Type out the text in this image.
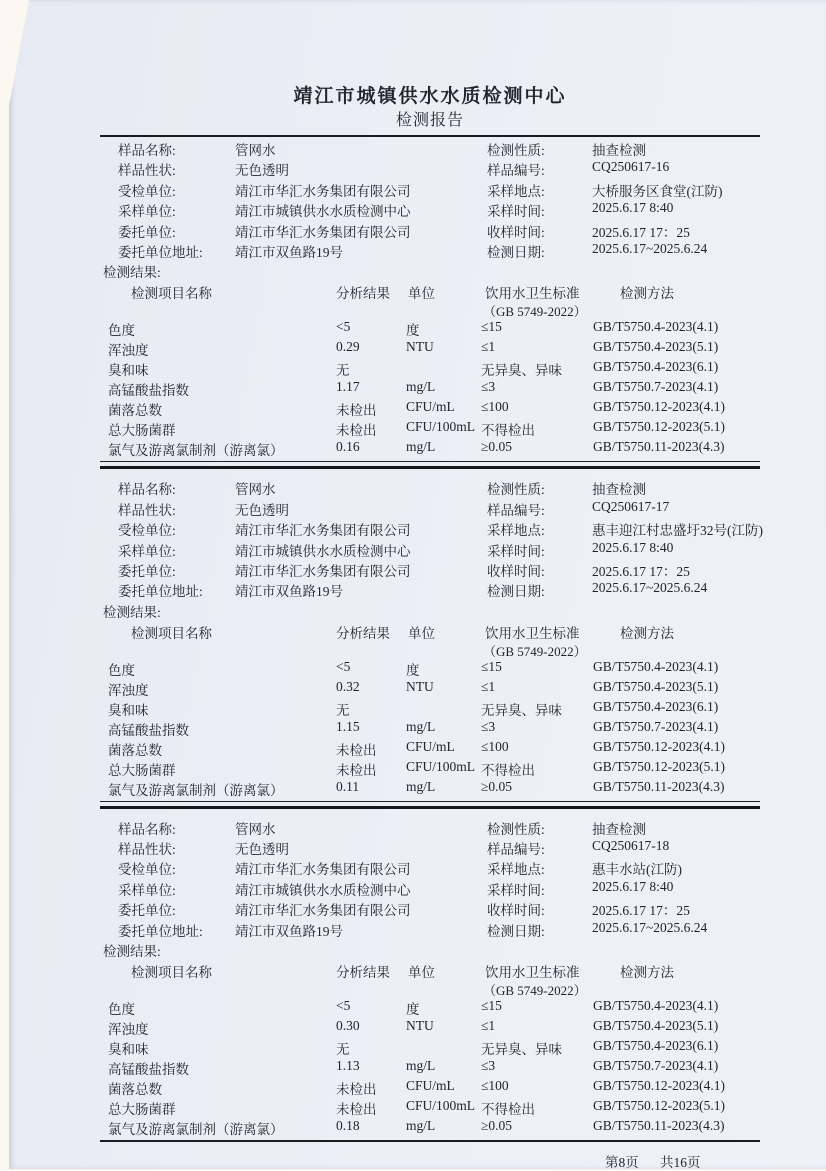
靖江市城镇供水水质检测中心
检测报告
样品名称:	管网水	检测性质:	抽查检测
样品性状:	无色透明	样品编号:	CQ250617-16
受检单位:	靖江市华汇水务集团有限公司	采样地点:	大桥服务区食堂(江防)
采样单位:	靖江市城镇供水水质检测中心	采样时间:	2025.6.17 8:40
委托单位:	靖江市华汇水务集团有限公司	收样时间:	2025.6.17 17：25
委托单位地址: 靖江市双鱼路19号	检测日期:	2025.6.17~2025.6.24
检测结果:
检测项目名称	分析结果 单位	饮用水卫生标准	检测方法
（GB 5749-2022）
色度	<5	度	≤15	GB/T5750.4-2023(4.1)
浑浊度	0.29	NTU	≤1	GB/T5750.4-2023(5.1)
臭和味	无	无异臭、异味 GB/T5750.4-2023(6.1)
高锰酸盐指数	1.17	mg/L	≤3	GB/T5750.7-2023(4.1)
菌落总数	未检出 CFU/mL ≤100	GB/T5750.12-2023(4.1)
总大肠菌群	未检出 CFU/100mL 不得检出	GB/T5750.12-2023(5.1)
氯气及游离氯制剂（游离氯）	0.16	mg/L	≥0.05	GB/T5750.11-2023(4.3)
样品名称:	管网水	检测性质:	抽查检测
样品性状:	无色透明	样品编号:	CQ250617-17
受检单位:	靖江市华汇水务集团有限公司	采样地点:	惠丰迎江村忠盛圩32号(江防)
采样单位:	靖江市城镇供水水质检测中心	采样时间:	2025.6.17 8:40
委托单位:	靖江市华汇水务集团有限公司	收样时间:	2025.6.17 17：25
委托单位地址: 靖江市双鱼路19号	检测日期:	2025.6.17~2025.6.24
检测结果:
检测项目名称	分析结果 单位	饮用水卫生标准	检测方法
（GB 5749-2022）
色度	<5	度	≤15	GB/T5750.4-2023(4.1)
浑浊度	0.32	NTU	≤1	GB/T5750.4-2023(5.1)
臭和味	无	无异臭、异味 GB/T5750.4-2023(6.1)
高锰酸盐指数	1.15	mg/L	≤3	GB/T5750.7-2023(4.1)
菌落总数	未检出 CFU/mL ≤100	GB/T5750.12-2023(4.1)
总大肠菌群	未检出 CFU/100mL 不得检出	GB/T5750.12-2023(5.1)
氯气及游离氯制剂（游离氯）	0.11	mg/L	≥0.05	GB/T5750.11-2023(4.3)
样品名称:	管网水	检测性质:	抽查检测
样品性状:	无色透明	样品编号:	CQ250617-18
受检单位:	靖江市华汇水务集团有限公司	采样地点:	惠丰水站(江防)
采样单位:	靖江市城镇供水水质检测中心	采样时间:	2025.6.17 8:40
委托单位:	靖江市华汇水务集团有限公司	收样时间:	2025.6.17 17：25
委托单位地址: 靖江市双鱼路19号	检测日期:	2025.6.17~2025.6.24
检测结果:
检测项目名称	分析结果 单位	饮用水卫生标准	检测方法
（GB 5749-2022）
色度	<5	度	≤15	GB/T5750.4-2023(4.1)
浑浊度	0.30	NTU	≤1	GB/T5750.4-2023(5.1)
臭和味	无	无异臭、异味 GB/T5750.4-2023(6.1)
高锰酸盐指数	1.13	mg/L	≤3	GB/T5750.7-2023(4.1)
菌落总数	未检出 CFU/mL ≤100	GB/T5750.12-2023(4.1)
总大肠菌群	未检出 CFU/100mL 不得检出	GB/T5750.12-2023(5.1)
氯气及游离氯制剂（游离氯）	0.18	mg/L	≥0.05	GB/T5750.11-2023(4.3)
第8页 共16页
